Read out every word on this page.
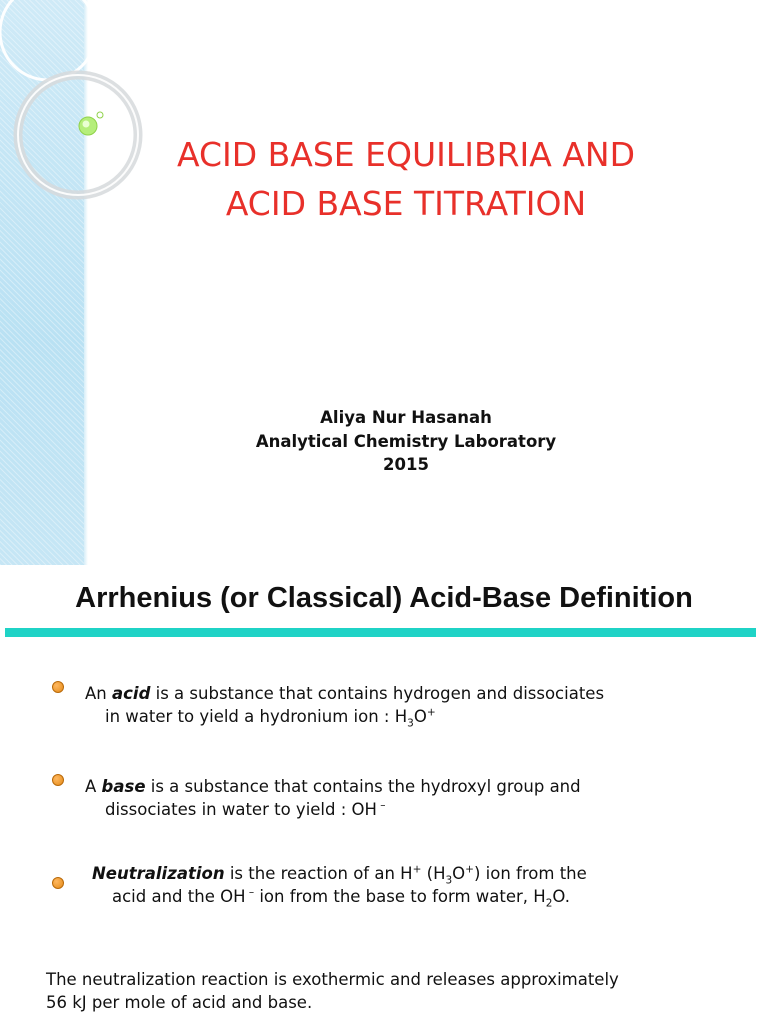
ACID BASE EQUILIBRIA AND
ACID BASE TITRATION
Aliya Nur Hasanah
Analytical Chemistry Laboratory
2015
Arrhenius (or Classical) Acid-Base Definition
An acid is a substance that contains hydrogen and dissociates
in water to yield a hydronium ion : $H_3O^+$
A base is a substance that contains the hydroxyl group and
dissociates in water to yield : OH –
Neutralization is the reaction of an H+ $(H_3O^+)$ ion from the
acid and the OH – ion from the base to form water, $H_2O$.
The neutralization reaction is exothermic and releases approximately
56 kJ per mole of acid and base.
